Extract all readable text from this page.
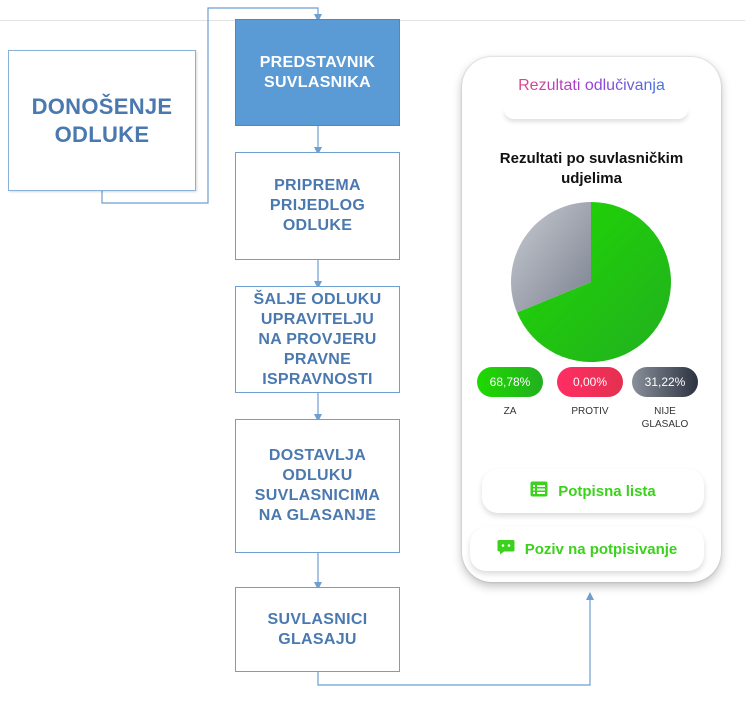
DONOŠENJE
ODLUKE
PREDSTAVNIK
SUVLASNIKA
PRIPREMA
PRIJEDLOG
ODLUKE
ŠALJE ODLUKU
UPRAVITELJU
NA PROVJERU
PRAVNE
ISPRAVNOSTI
DOSTAVLJA
ODLUKU
SUVLASNICIMA
NA GLASANJE
SUVLASNICI
GLASAJU
Rezultati odlučivanja
Rezultati po suvlasničkim udjelima
68,78%	0,00%	31,22%
ZA	PROTIV	NIJE
GLASALO
Potpisna lista
Poziv na potpisivanje
